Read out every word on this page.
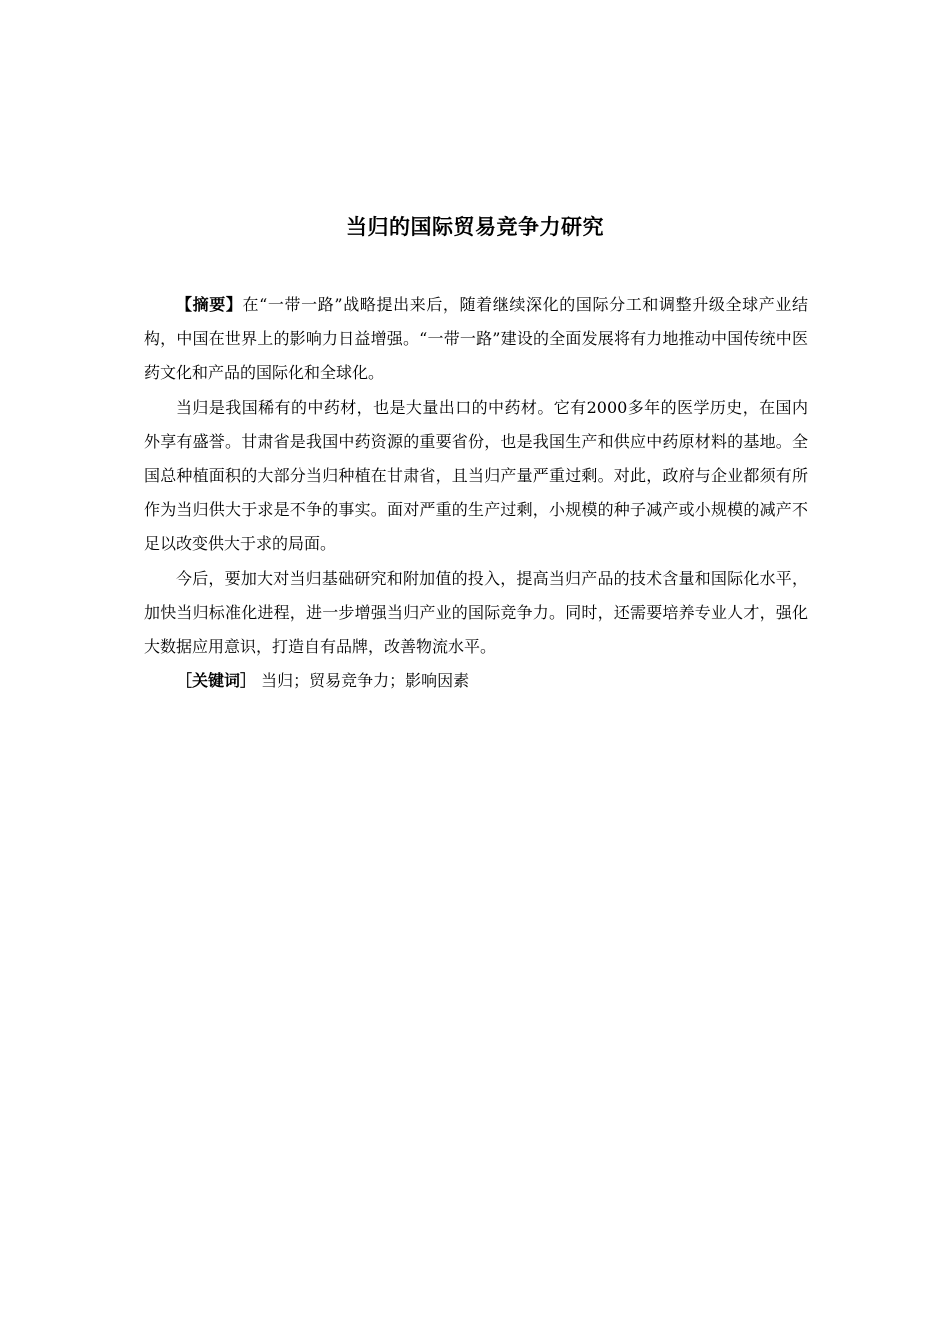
当归的国际贸易竞争力研究

【摘要】在“一带一路”战略提出来后，随着继续深化的国际分工和调整升级全球产业结构，中国在世界上的影响力日益增强。“一带一路”建设的全面发展将有力地推动中国传统中医药文化和产品的国际化和全球化。

当归是我国稀有的中药材，也是大量出口的中药材。它有2000多年的医学历史，在国内外享有盛誉。甘肃省是我国中药资源的重要省份，也是我国生产和供应中药原材料的基地。全国总种植面积的大部分当归种植在甘肃省，且当归产量严重过剩。对此，政府与企业都须有所作为当归供大于求是不争的事实。面对严重的生产过剩，小规模的种子减产或小规模的减产不足以改变供大于求的局面。

今后，要加大对当归基础研究和附加值的投入，提高当归产品的技术含量和国际化水平，加快当归标准化进程，进一步增强当归产业的国际竞争力。同时，还需要培养专业人才，强化大数据应用意识，打造自有品牌，改善物流水平。

［关键词］ 当归；贸易竞争力；影响因素
